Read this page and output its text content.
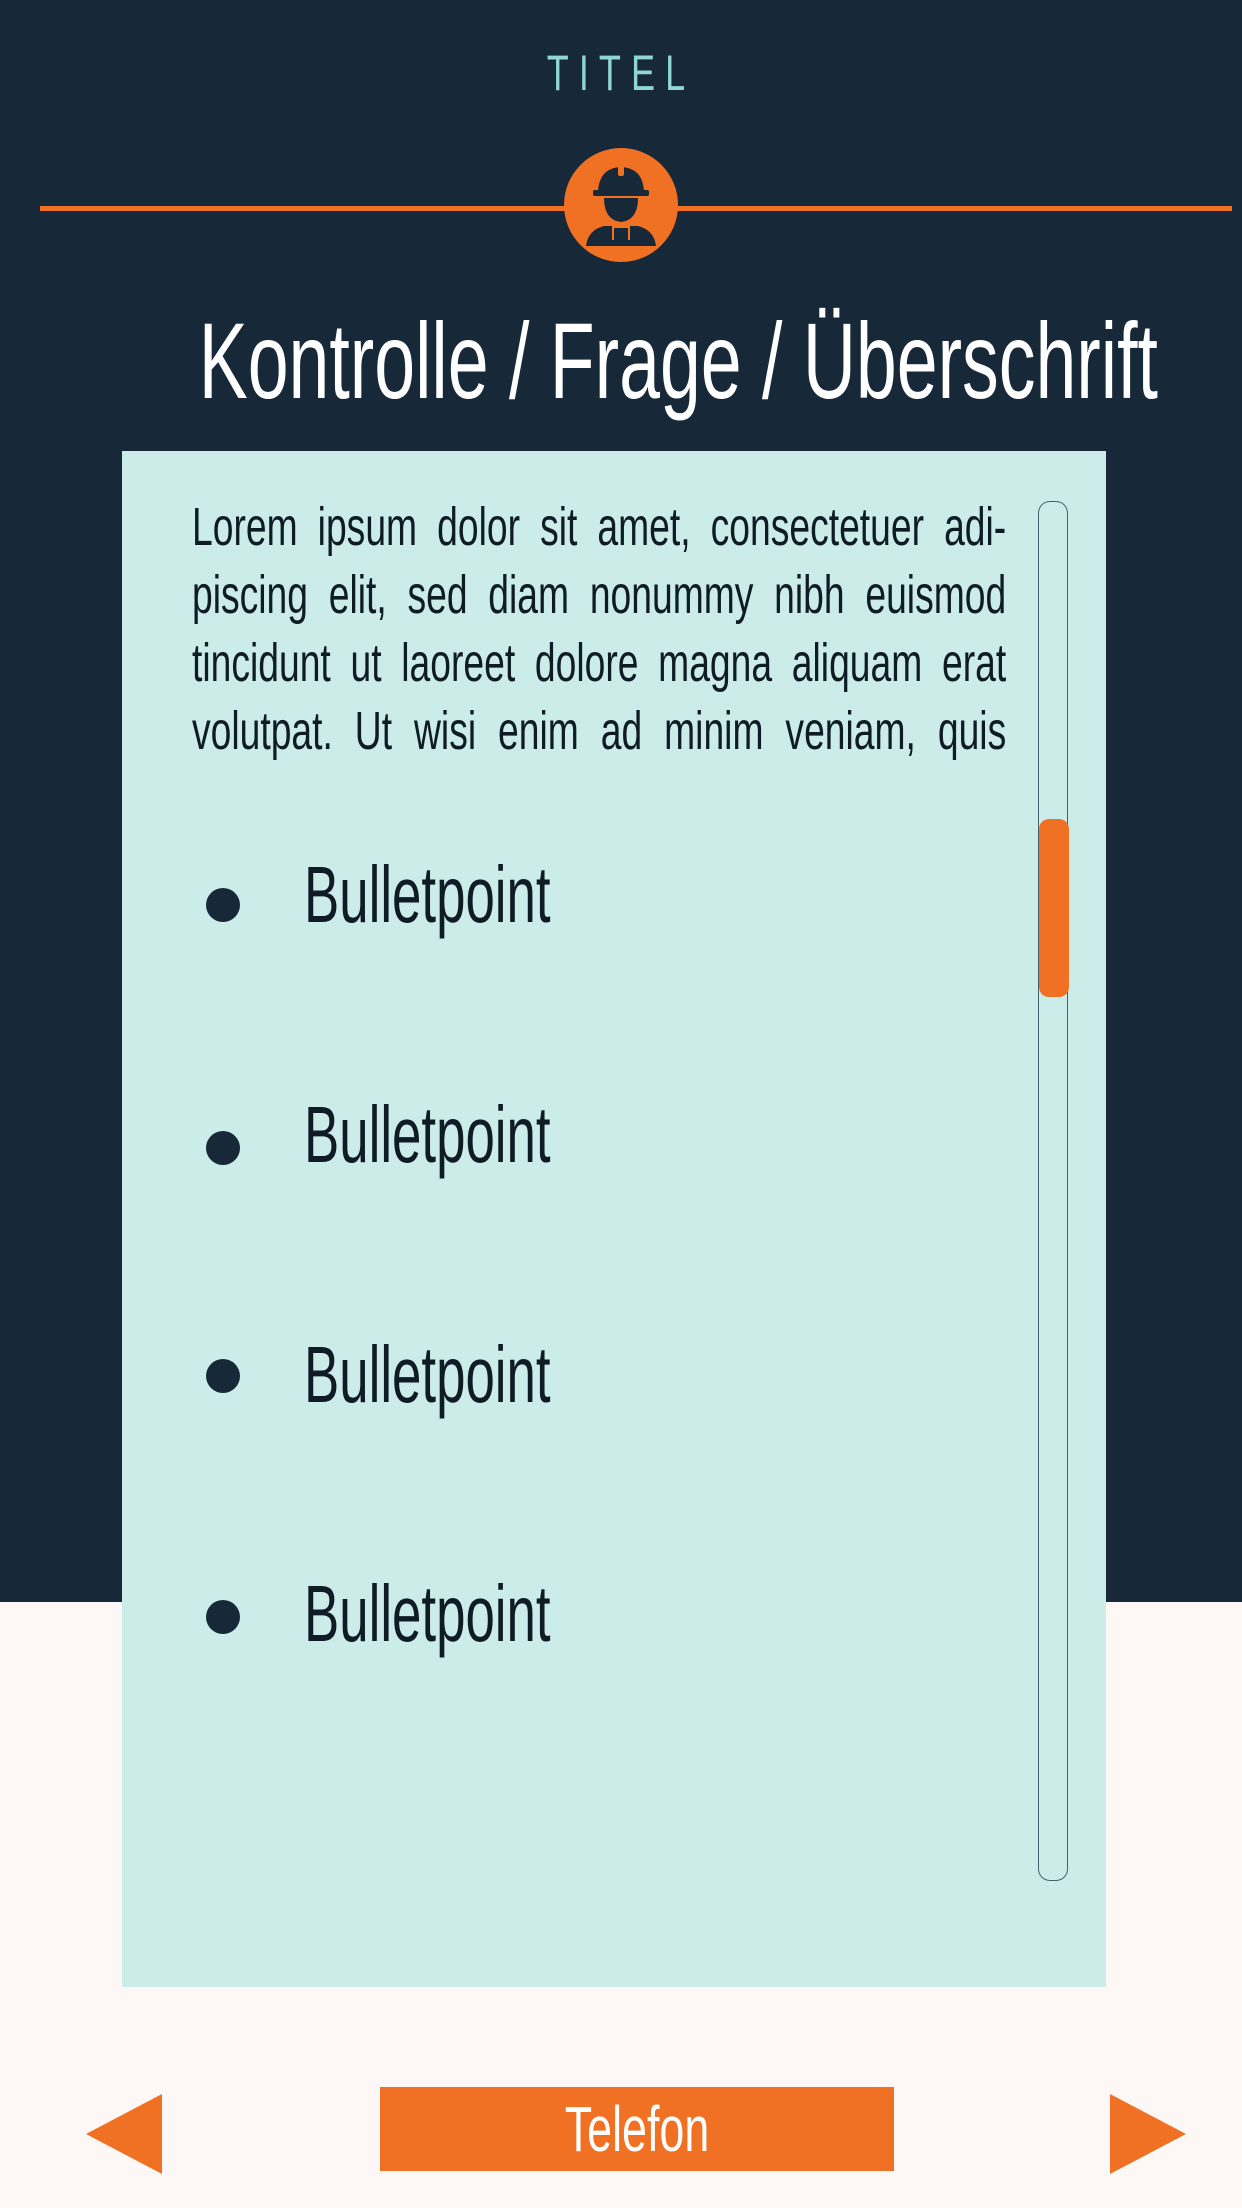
TITEL
Kontrolle / Frage / Überschrift
Lorem ipsum dolor sit amet, consectetuer adi-
piscing elit, sed diam nonummy nibh euismod
tincidunt ut laoreet dolore magna aliquam erat
volutpat. Ut wisi enim ad minim veniam, quis
Bulletpoint
Bulletpoint
Bulletpoint
Bulletpoint
Telefon
